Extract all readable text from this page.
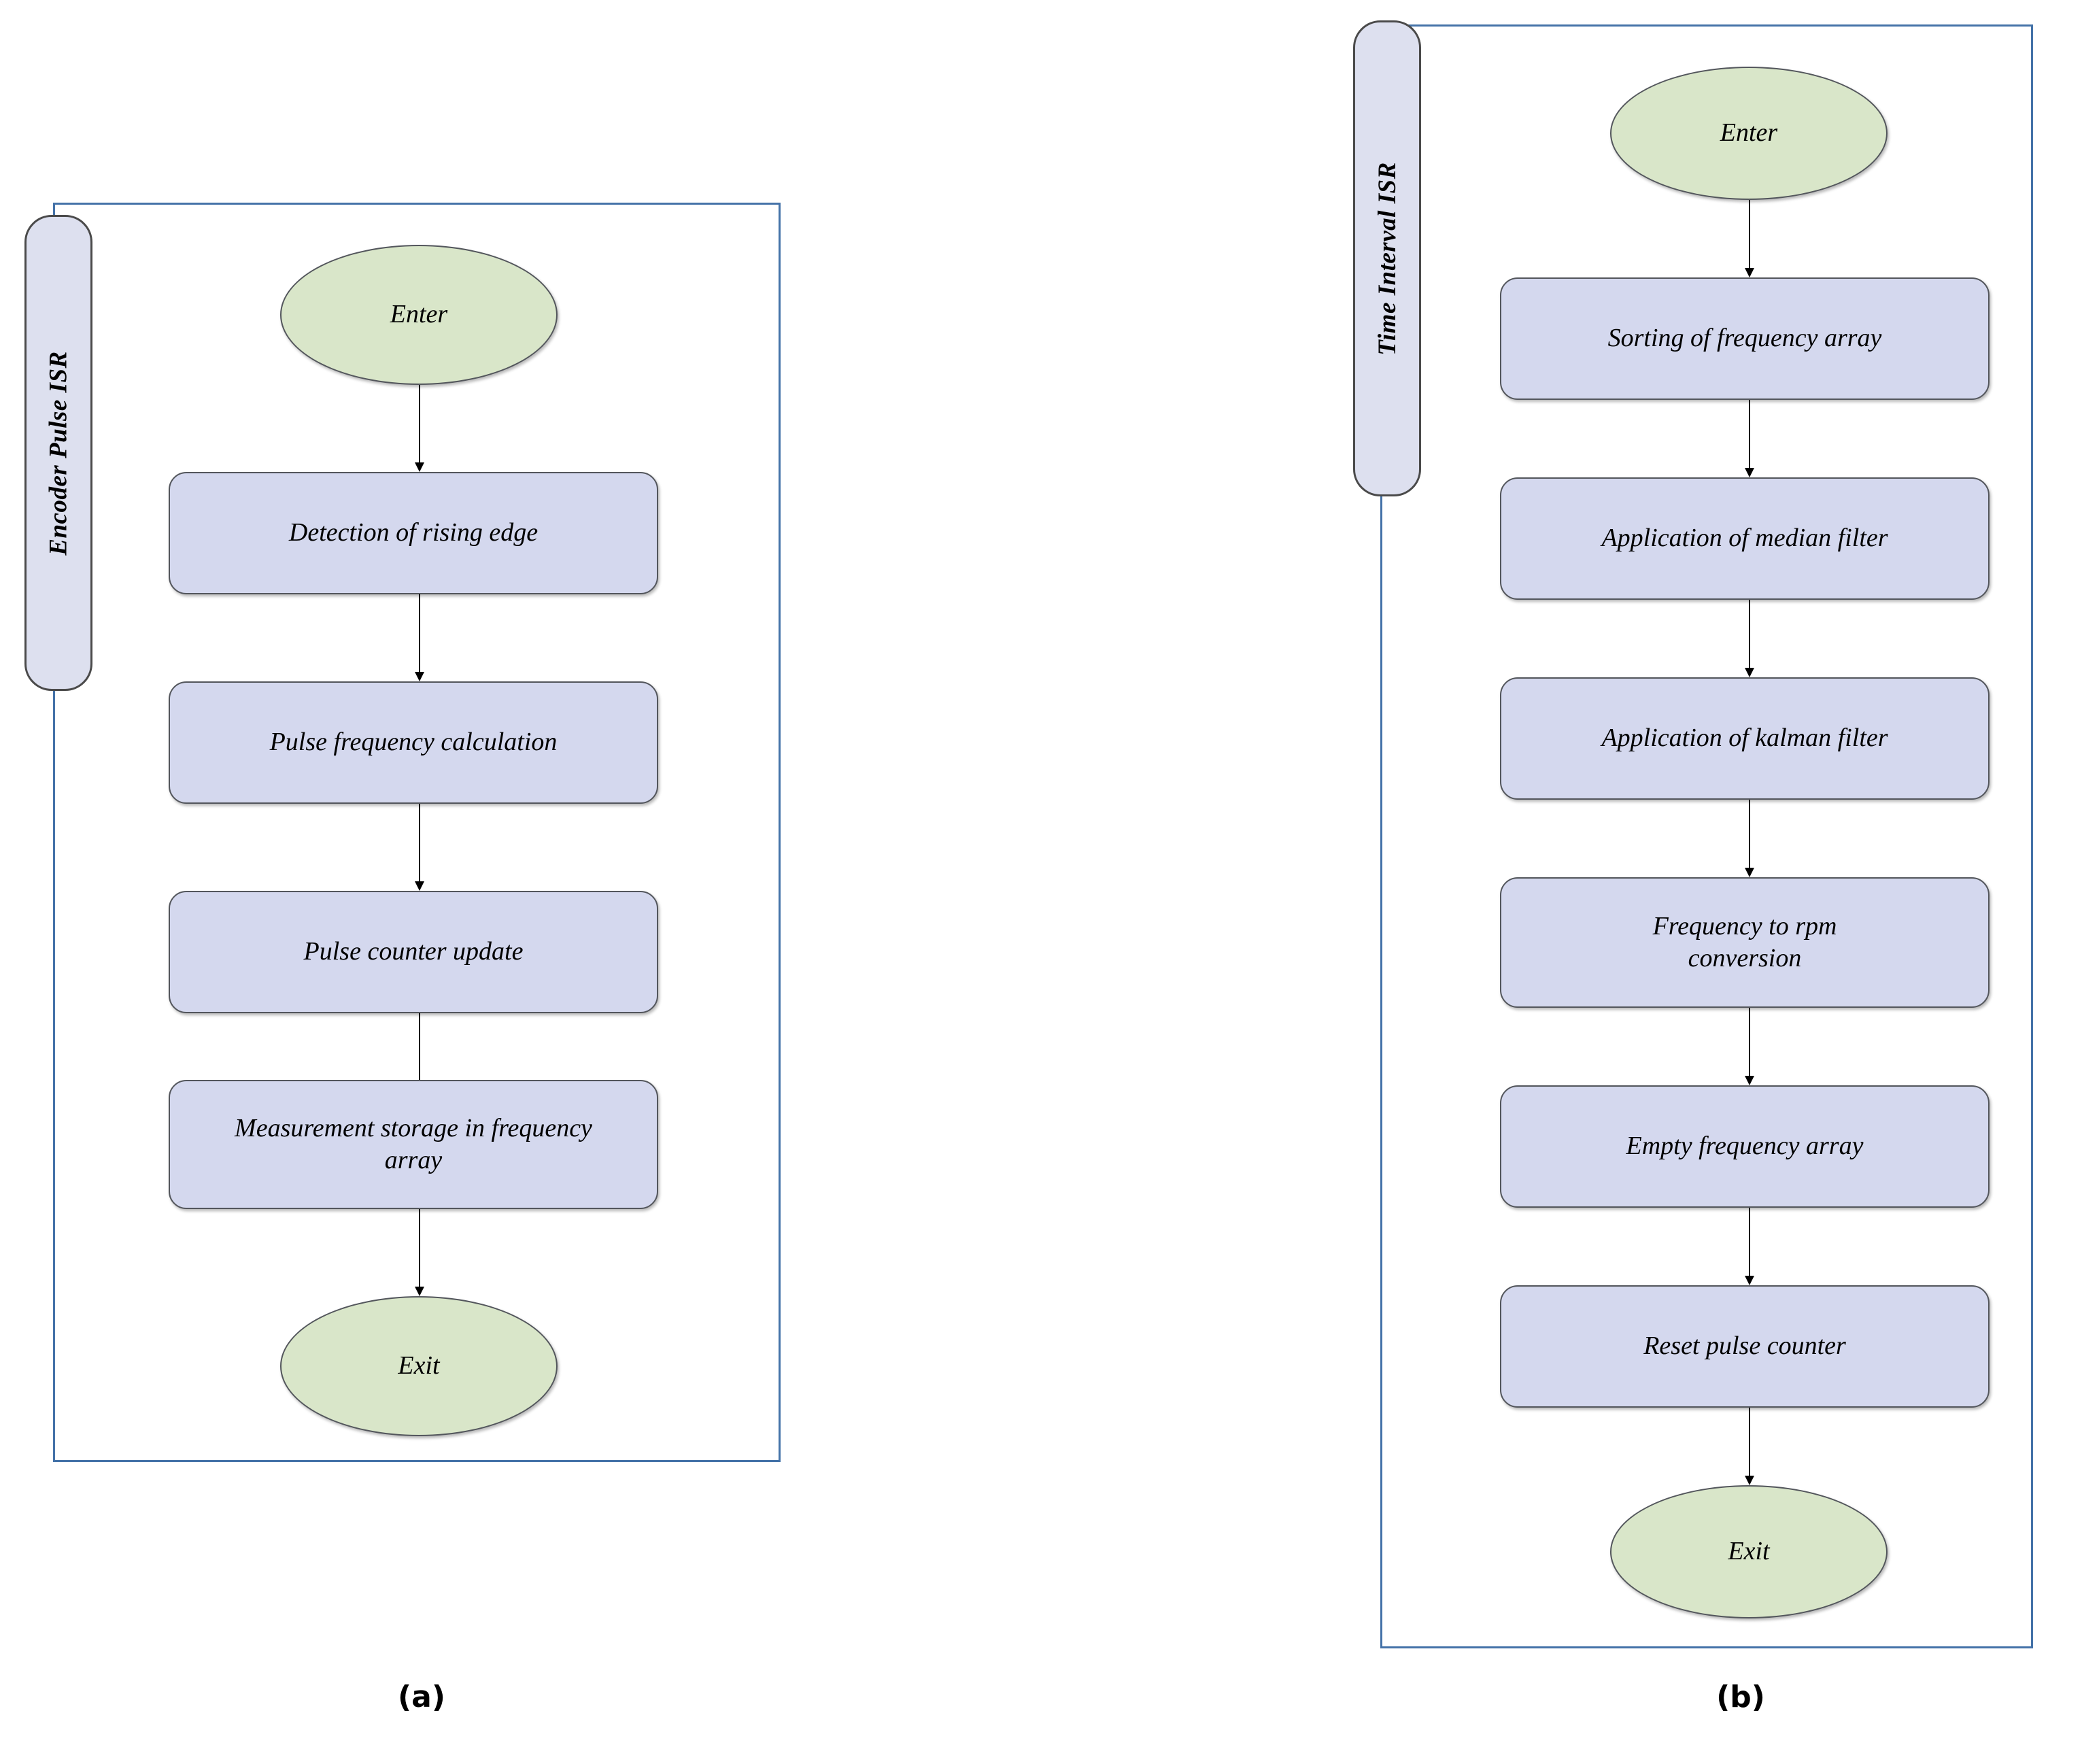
Encoder Pulse ISR
Enter
Detection of rising edge
Pulse frequency calculation
Pulse counter update
Measurement storage in frequency array
Exit
(a)
Time Interval ISR
Enter
Sorting of frequency array
Application of median filter
Application of kalman filter
Frequency to rpm conversion
Empty frequency array
Reset pulse counter
Exit
(b)
